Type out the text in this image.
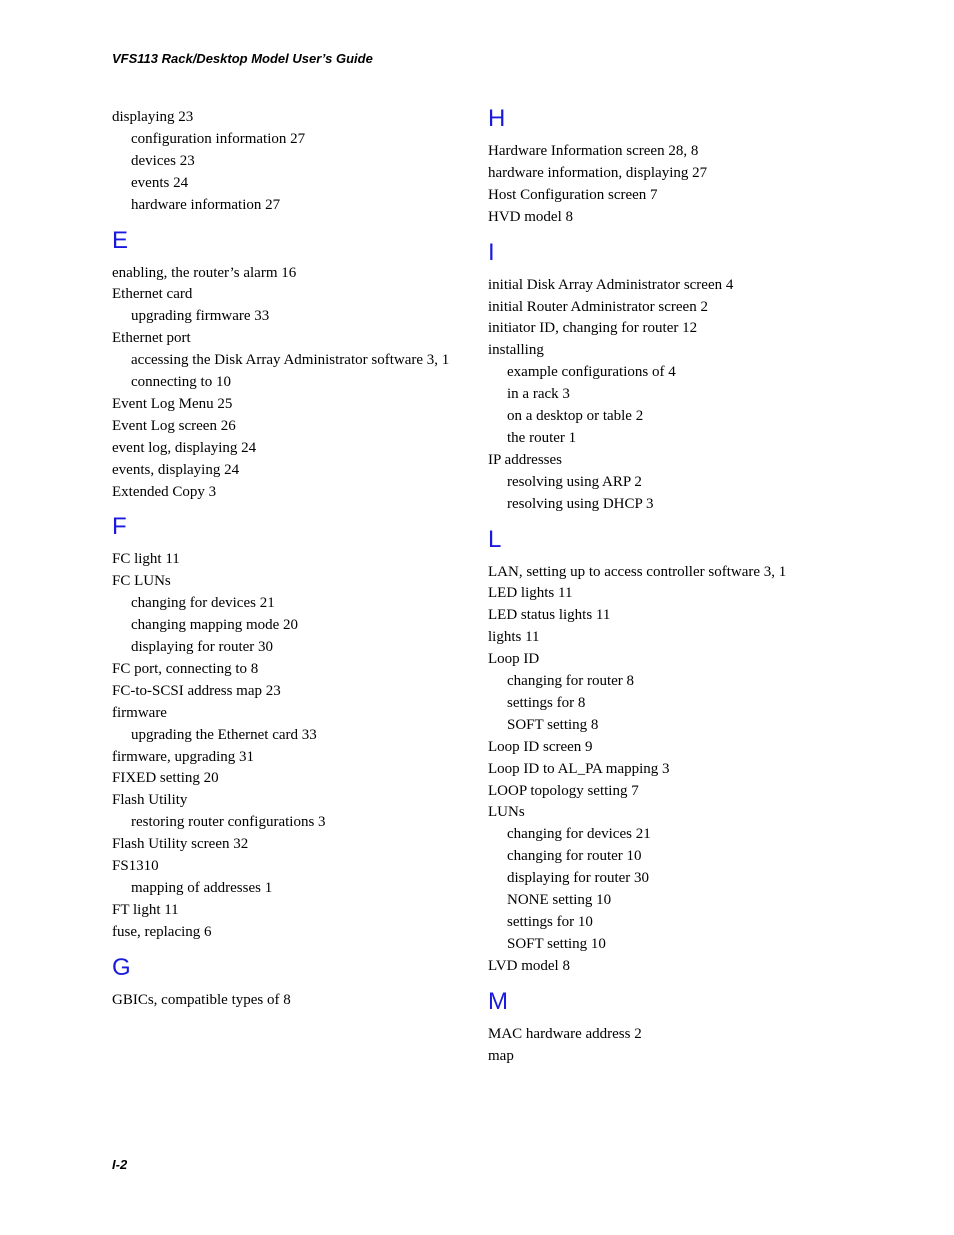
VFS113 Rack/Desktop Model User’s Guide
displaying 23
configuration information 27
devices 23
events 24
hardware information 27
E
enabling, the router’s alarm 16
Ethernet card
upgrading firmware 33
Ethernet port
accessing the Disk Array Administrator software 3, 1
connecting to 10
Event Log Menu 25
Event Log screen 26
event log, displaying 24
events, displaying 24
Extended Copy 3
F
FC light 11
FC LUNs
changing for devices 21
changing mapping mode 20
displaying for router 30
FC port, connecting to 8
FC-to-SCSI address map 23
firmware
upgrading the Ethernet card 33
firmware, upgrading 31
FIXED setting 20
Flash Utility
restoring router configurations 3
Flash Utility screen 32
FS1310
mapping of addresses 1
FT light 11
fuse, replacing 6
G
GBICs, compatible types of 8
H
Hardware Information screen 28, 8
hardware information, displaying 27
Host Configuration screen 7
HVD model 8
I
initial Disk Array Administrator screen 4
initial Router Administrator screen 2
initiator ID, changing for router 12
installing
example configurations of 4
in a rack 3
on a desktop or table 2
the router 1
IP addresses
resolving using ARP 2
resolving using DHCP 3
L
LAN, setting up to access controller software 3, 1
LED lights 11
LED status lights 11
lights 11
Loop ID
changing for router 8
settings for 8
SOFT setting 8
Loop ID screen 9
Loop ID to AL_PA mapping 3
LOOP topology setting 7
LUNs
changing for devices 21
changing for router 10
displaying for router 30
NONE setting 10
settings for 10
SOFT setting 10
LVD model 8
M
MAC hardware address 2
map
I-2
